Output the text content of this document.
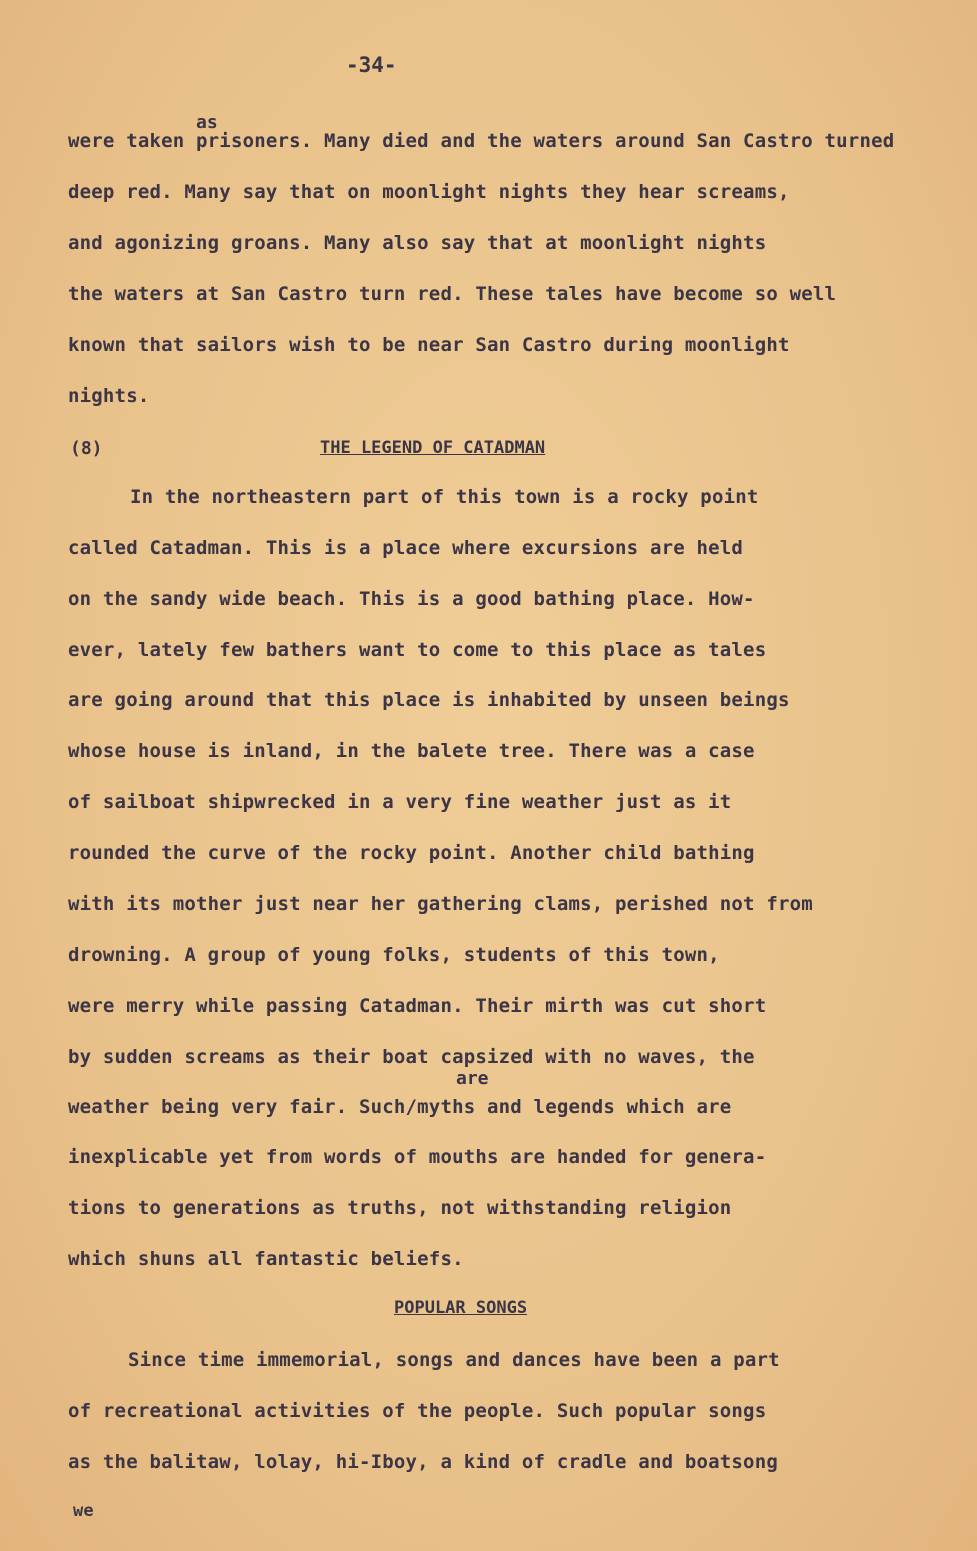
-34-
as
were taken prisoners. Many died and the waters around San Castro turned
deep red. Many say that on moonlight nights they hear screams,
and agonizing groans. Many also say that at moonlight nights
the waters at San Castro turn red. These tales have become so well
known that sailors wish to be near San Castro during moonlight
nights.
(8)	THE LEGEND OF CATADMAN
In the northeastern part of this town is a rocky point
called Catadman. This is a place where excursions are held
on the sandy wide beach. This is a good bathing place. How-
ever, lately few bathers want to come to this place as tales
are going around that this place is inhabited by unseen beings
whose house is inland, in the balete tree. There was a case
of sailboat shipwrecked in a very fine weather just as it
rounded the curve of the rocky point. Another child bathing
with its mother just near her gathering clams, perished not from
drowning. A group of young folks, students of this town,
were merry while passing Catadman. Their mirth was cut short
by sudden screams as their boat capsized with no waves, the
are
weather being very fair. Such/myths and legends which are
inexplicable yet from words of mouths are handed for genera-
tions to generations as truths, not withstanding religion
which shuns all fantastic beliefs.
POPULAR SONGS
Since time immemorial, songs and dances have been a part
of recreational activities of the people. Such popular songs
as the balitaw, lolay, hi-Iboy, a kind of cradle and boatsong
we
